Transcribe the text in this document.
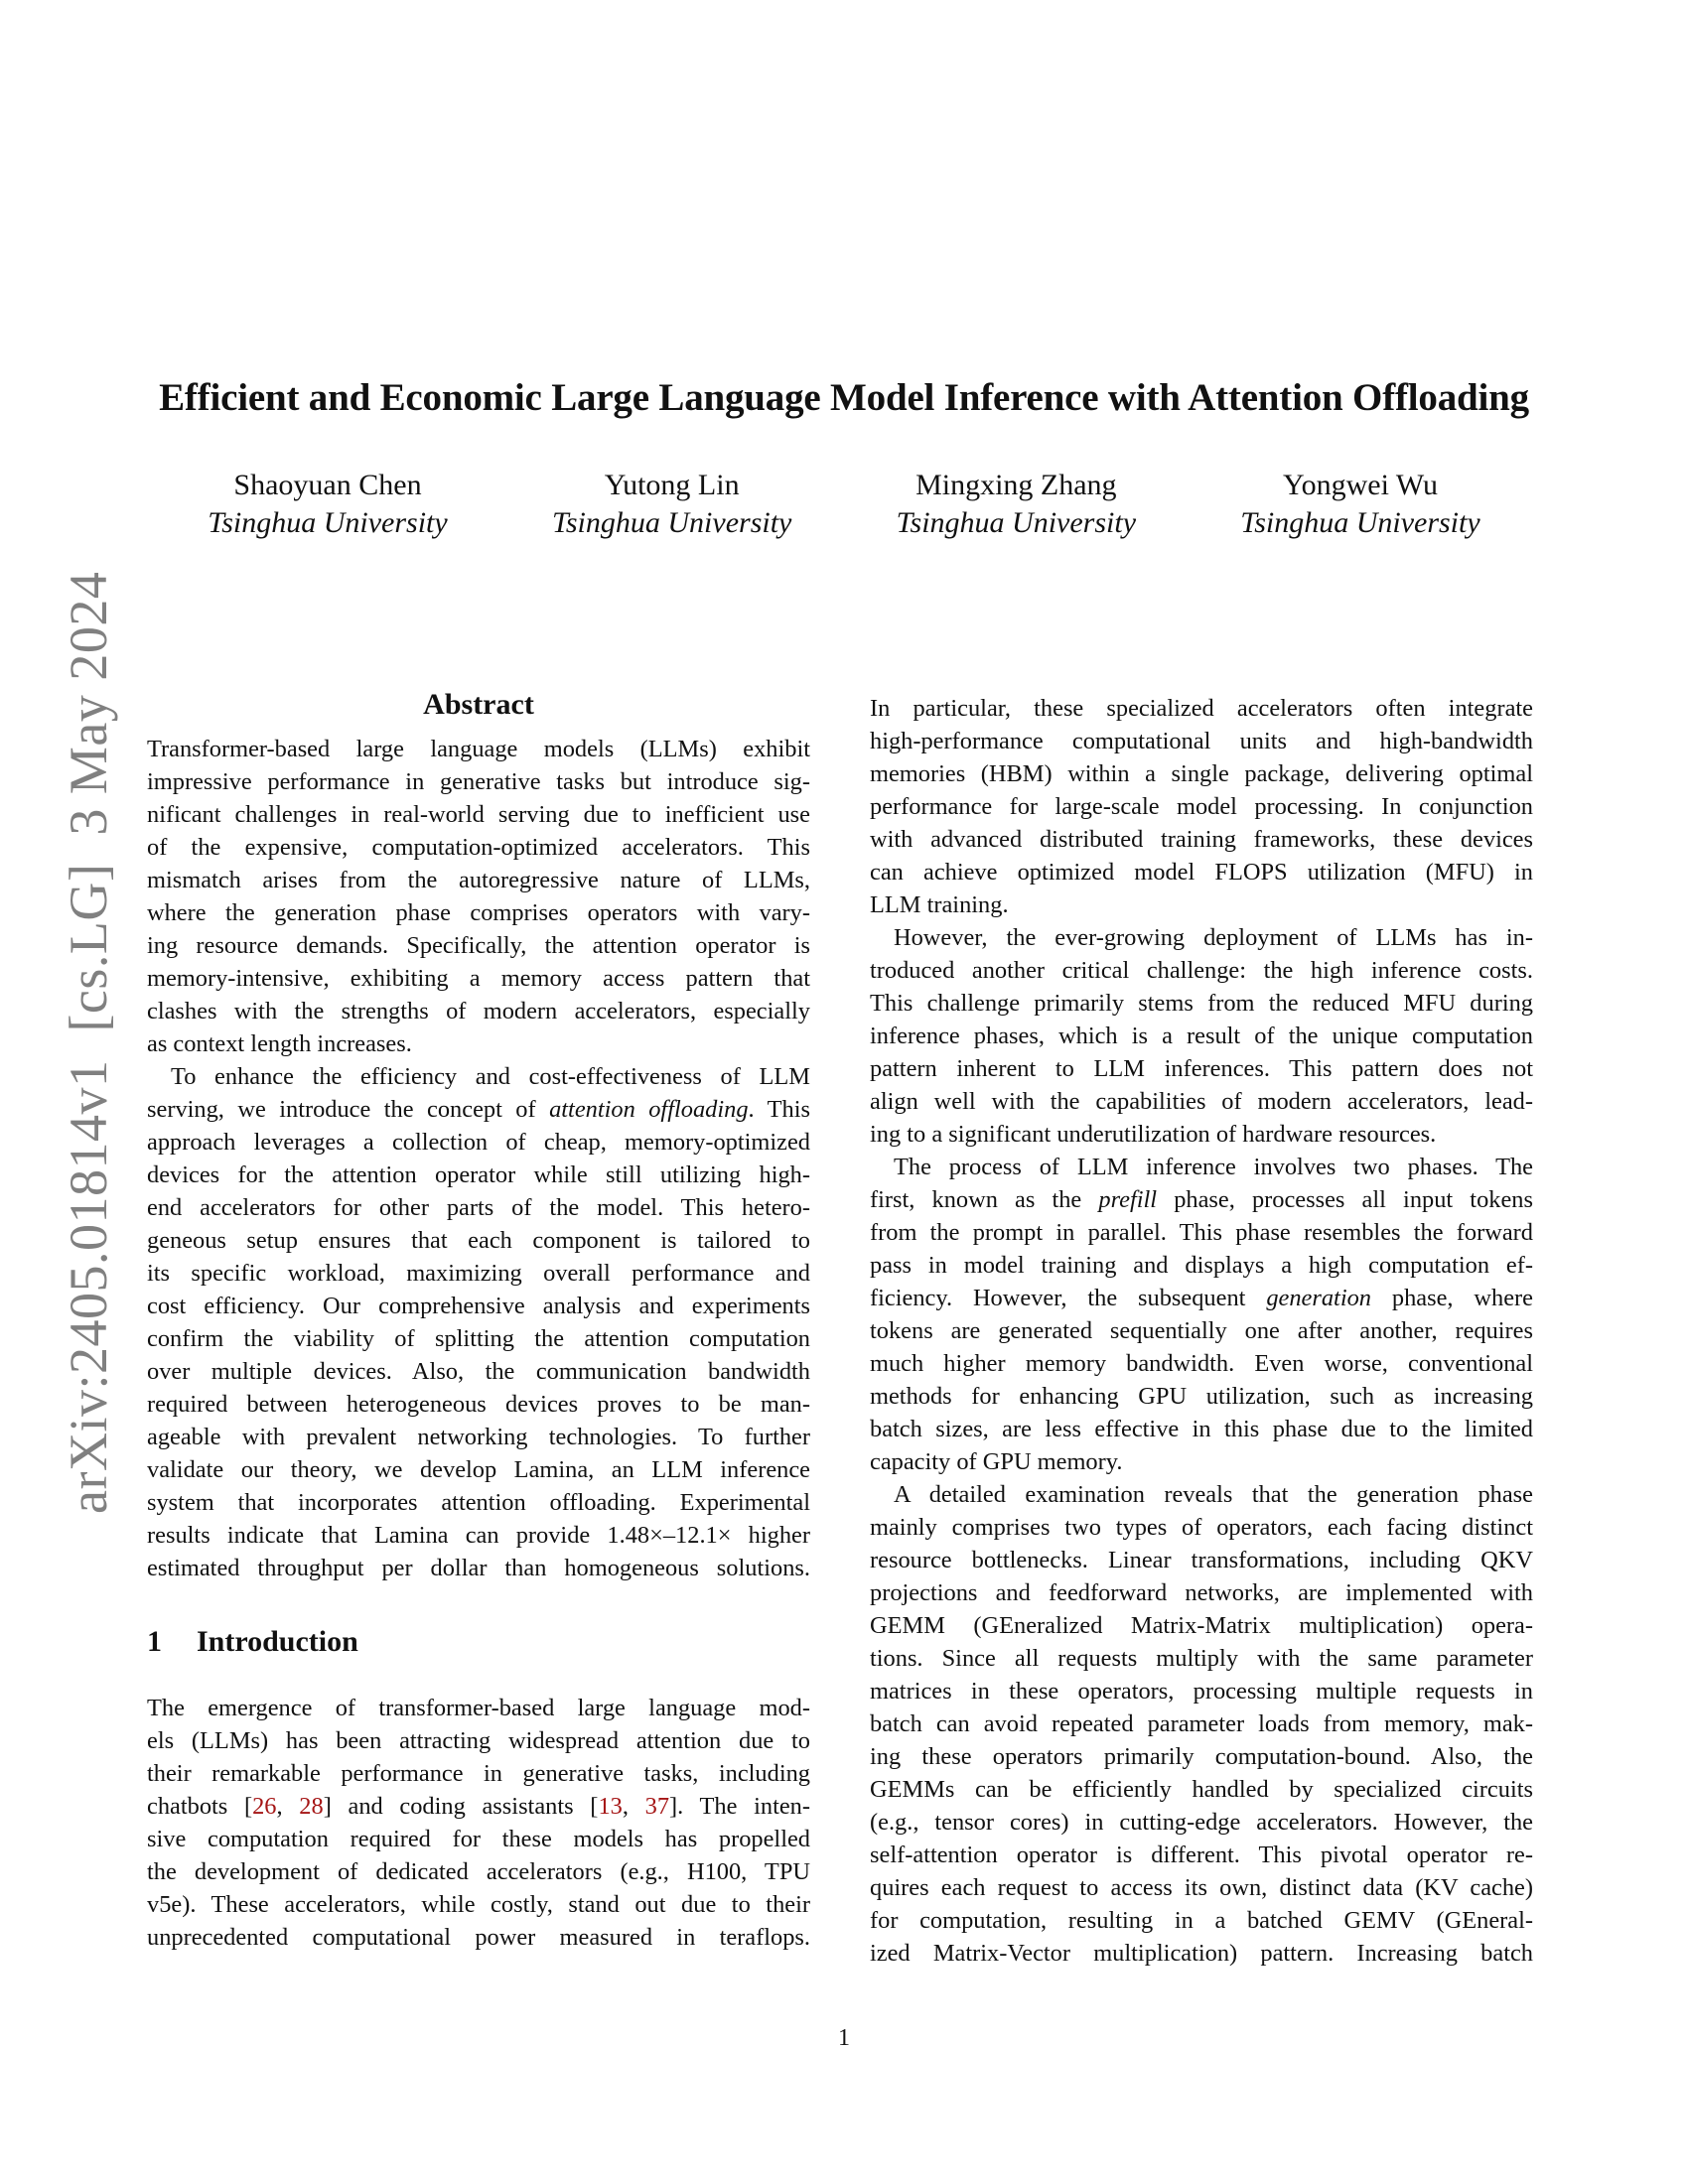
arXiv:2405.01814v1  [cs.LG]  3 May 2024
Efficient and Economic Large Language Model Inference with Attention Offloading
Shaoyuan Chen
Tsinghua University
Yutong Lin
Tsinghua University
Mingxing Zhang
Tsinghua University
Yongwei Wu
Tsinghua University
Abstract

Transformer-based large language models (LLMs) exhibit
impressive performance in generative tasks but introduce sig-
nificant challenges in real-world serving due to inefficient use
of the expensive, computation-optimized accelerators. This
mismatch arises from the autoregressive nature of LLMs,
where the generation phase comprises operators with vary-
ing resource demands. Specifically, the attention operator is
memory-intensive, exhibiting a memory access pattern that
clashes with the strengths of modern accelerators, especially
as context length increases.

To enhance the efficiency and cost-effectiveness of LLM
serving, we introduce the concept of attention offloading. This
approach leverages a collection of cheap, memory-optimized
devices for the attention operator while still utilizing high-
end accelerators for other parts of the model. This hetero-
geneous setup ensures that each component is tailored to
its specific workload, maximizing overall performance and
cost efficiency. Our comprehensive analysis and experiments
confirm the viability of splitting the attention computation
over multiple devices. Also, the communication bandwidth
required between heterogeneous devices proves to be man-
ageable with prevalent networking technologies. To further
validate our theory, we develop Lamina, an LLM inference
system that incorporates attention offloading. Experimental
results indicate that Lamina can provide 1.48×–12.1× higher
estimated throughput per dollar than homogeneous solutions.

1 Introduction

The emergence of transformer-based large language mod-
els (LLMs) has been attracting widespread attention due to
their remarkable performance in generative tasks, including
chatbots [26, 28] and coding assistants [13, 37]. The inten-
sive computation required for these models has propelled
the development of dedicated accelerators (e.g., H100, TPU
v5e). These accelerators, while costly, stand out due to their
unprecedented computational power measured in teraflops.

In particular, these specialized accelerators often integrate
high-performance computational units and high-bandwidth
memories (HBM) within a single package, delivering optimal
performance for large-scale model processing. In conjunction
with advanced distributed training frameworks, these devices
can achieve optimized model FLOPS utilization (MFU) in
LLM training.

However, the ever-growing deployment of LLMs has in-
troduced another critical challenge: the high inference costs.
This challenge primarily stems from the reduced MFU during
inference phases, which is a result of the unique computation
pattern inherent to LLM inferences. This pattern does not
align well with the capabilities of modern accelerators, lead-
ing to a significant underutilization of hardware resources.

The process of LLM inference involves two phases. The
first, known as the prefill phase, processes all input tokens
from the prompt in parallel. This phase resembles the forward
pass in model training and displays a high computation ef-
ficiency. However, the subsequent generation phase, where
tokens are generated sequentially one after another, requires
much higher memory bandwidth. Even worse, conventional
methods for enhancing GPU utilization, such as increasing
batch sizes, are less effective in this phase due to the limited
capacity of GPU memory.

A detailed examination reveals that the generation phase
mainly comprises two types of operators, each facing distinct
resource bottlenecks. Linear transformations, including QKV
projections and feedforward networks, are implemented with
GEMM (GEneralized Matrix-Matrix multiplication) opera-
tions. Since all requests multiply with the same parameter
matrices in these operators, processing multiple requests in
batch can avoid repeated parameter loads from memory, mak-
ing these operators primarily computation-bound. Also, the
GEMMs can be efficiently handled by specialized circuits
(e.g., tensor cores) in cutting-edge accelerators. However, the
self-attention operator is different. This pivotal operator re-
quires each request to access its own, distinct data (KV cache)
for computation, resulting in a batched GEMV (GEneral-
ized Matrix-Vector multiplication) pattern. Increasing batch

1
